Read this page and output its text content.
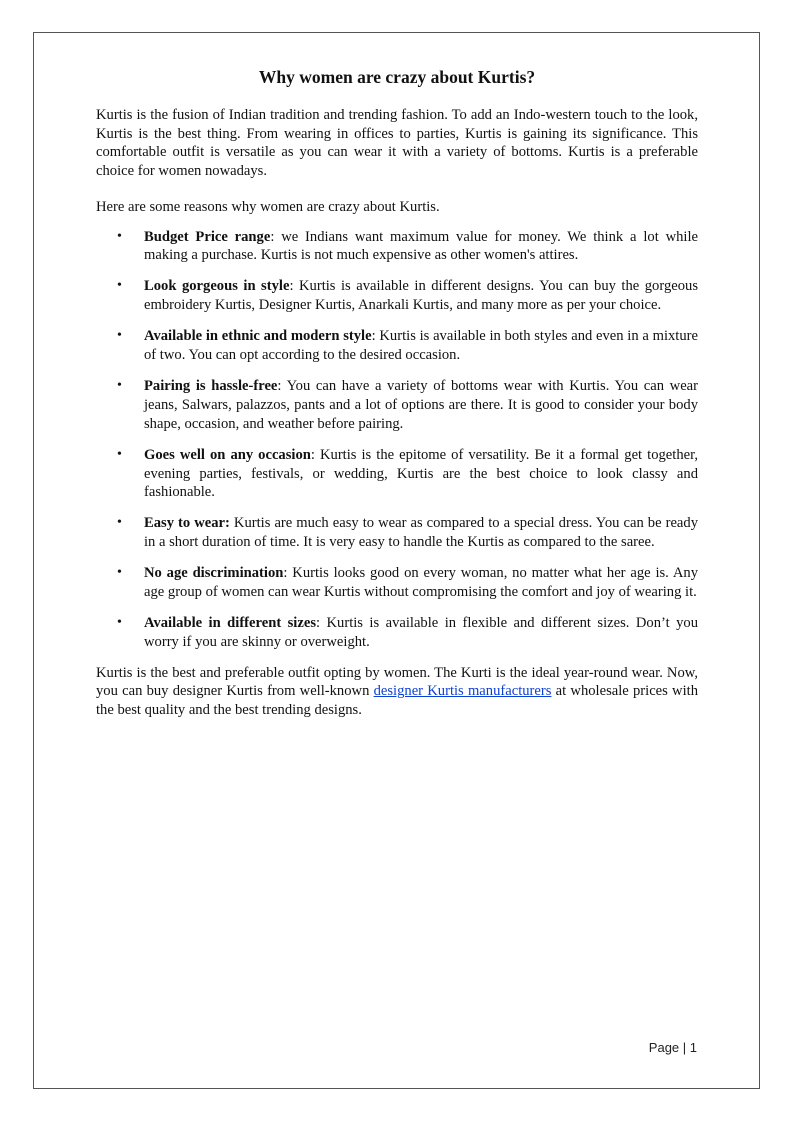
Why women are crazy about Kurtis?

Kurtis is the fusion of Indian tradition and trending fashion. To add an Indo-western touch to the look, Kurtis is the best thing. From wearing in offices to parties, Kurtis is gaining its significance. This comfortable outfit is versatile as you can wear it with a variety of bottoms. Kurtis is a preferable choice for women nowadays.

Here are some reasons why women are crazy about Kurtis.

• Budget Price range: we Indians want maximum value for money. We think a lot while making a purchase. Kurtis is not much expensive as other women's attires.
• Look gorgeous in style: Kurtis is available in different designs. You can buy the gorgeous embroidery Kurtis, Designer Kurtis, Anarkali Kurtis, and many more as per your choice.
• Available in ethnic and modern style: Kurtis is available in both styles and even in a mixture of two. You can opt according to the desired occasion.
• Pairing is hassle-free: You can have a variety of bottoms wear with Kurtis. You can wear jeans, Salwars, palazzos, pants and a lot of options are there. It is good to consider your body shape, occasion, and weather before pairing.
• Goes well on any occasion: Kurtis is the epitome of versatility. Be it a formal get together, evening parties, festivals, or wedding, Kurtis are the best choice to look classy and fashionable.
• Easy to wear: Kurtis are much easy to wear as compared to a special dress. You can be ready in a short duration of time. It is very easy to handle the Kurtis as compared to the saree.
• No age discrimination: Kurtis looks good on every woman, no matter what her age is. Any age group of women can wear Kurtis without compromising the comfort and joy of wearing it.
• Available in different sizes: Kurtis is available in flexible and different sizes. Don’t you worry if you are skinny or overweight.

Kurtis is the best and preferable outfit opting by women. The Kurti is the ideal year-round wear. Now, you can buy designer Kurtis from well-known designer Kurtis manufacturers at wholesale prices with the best quality and the best trending designs.

Page | 1
